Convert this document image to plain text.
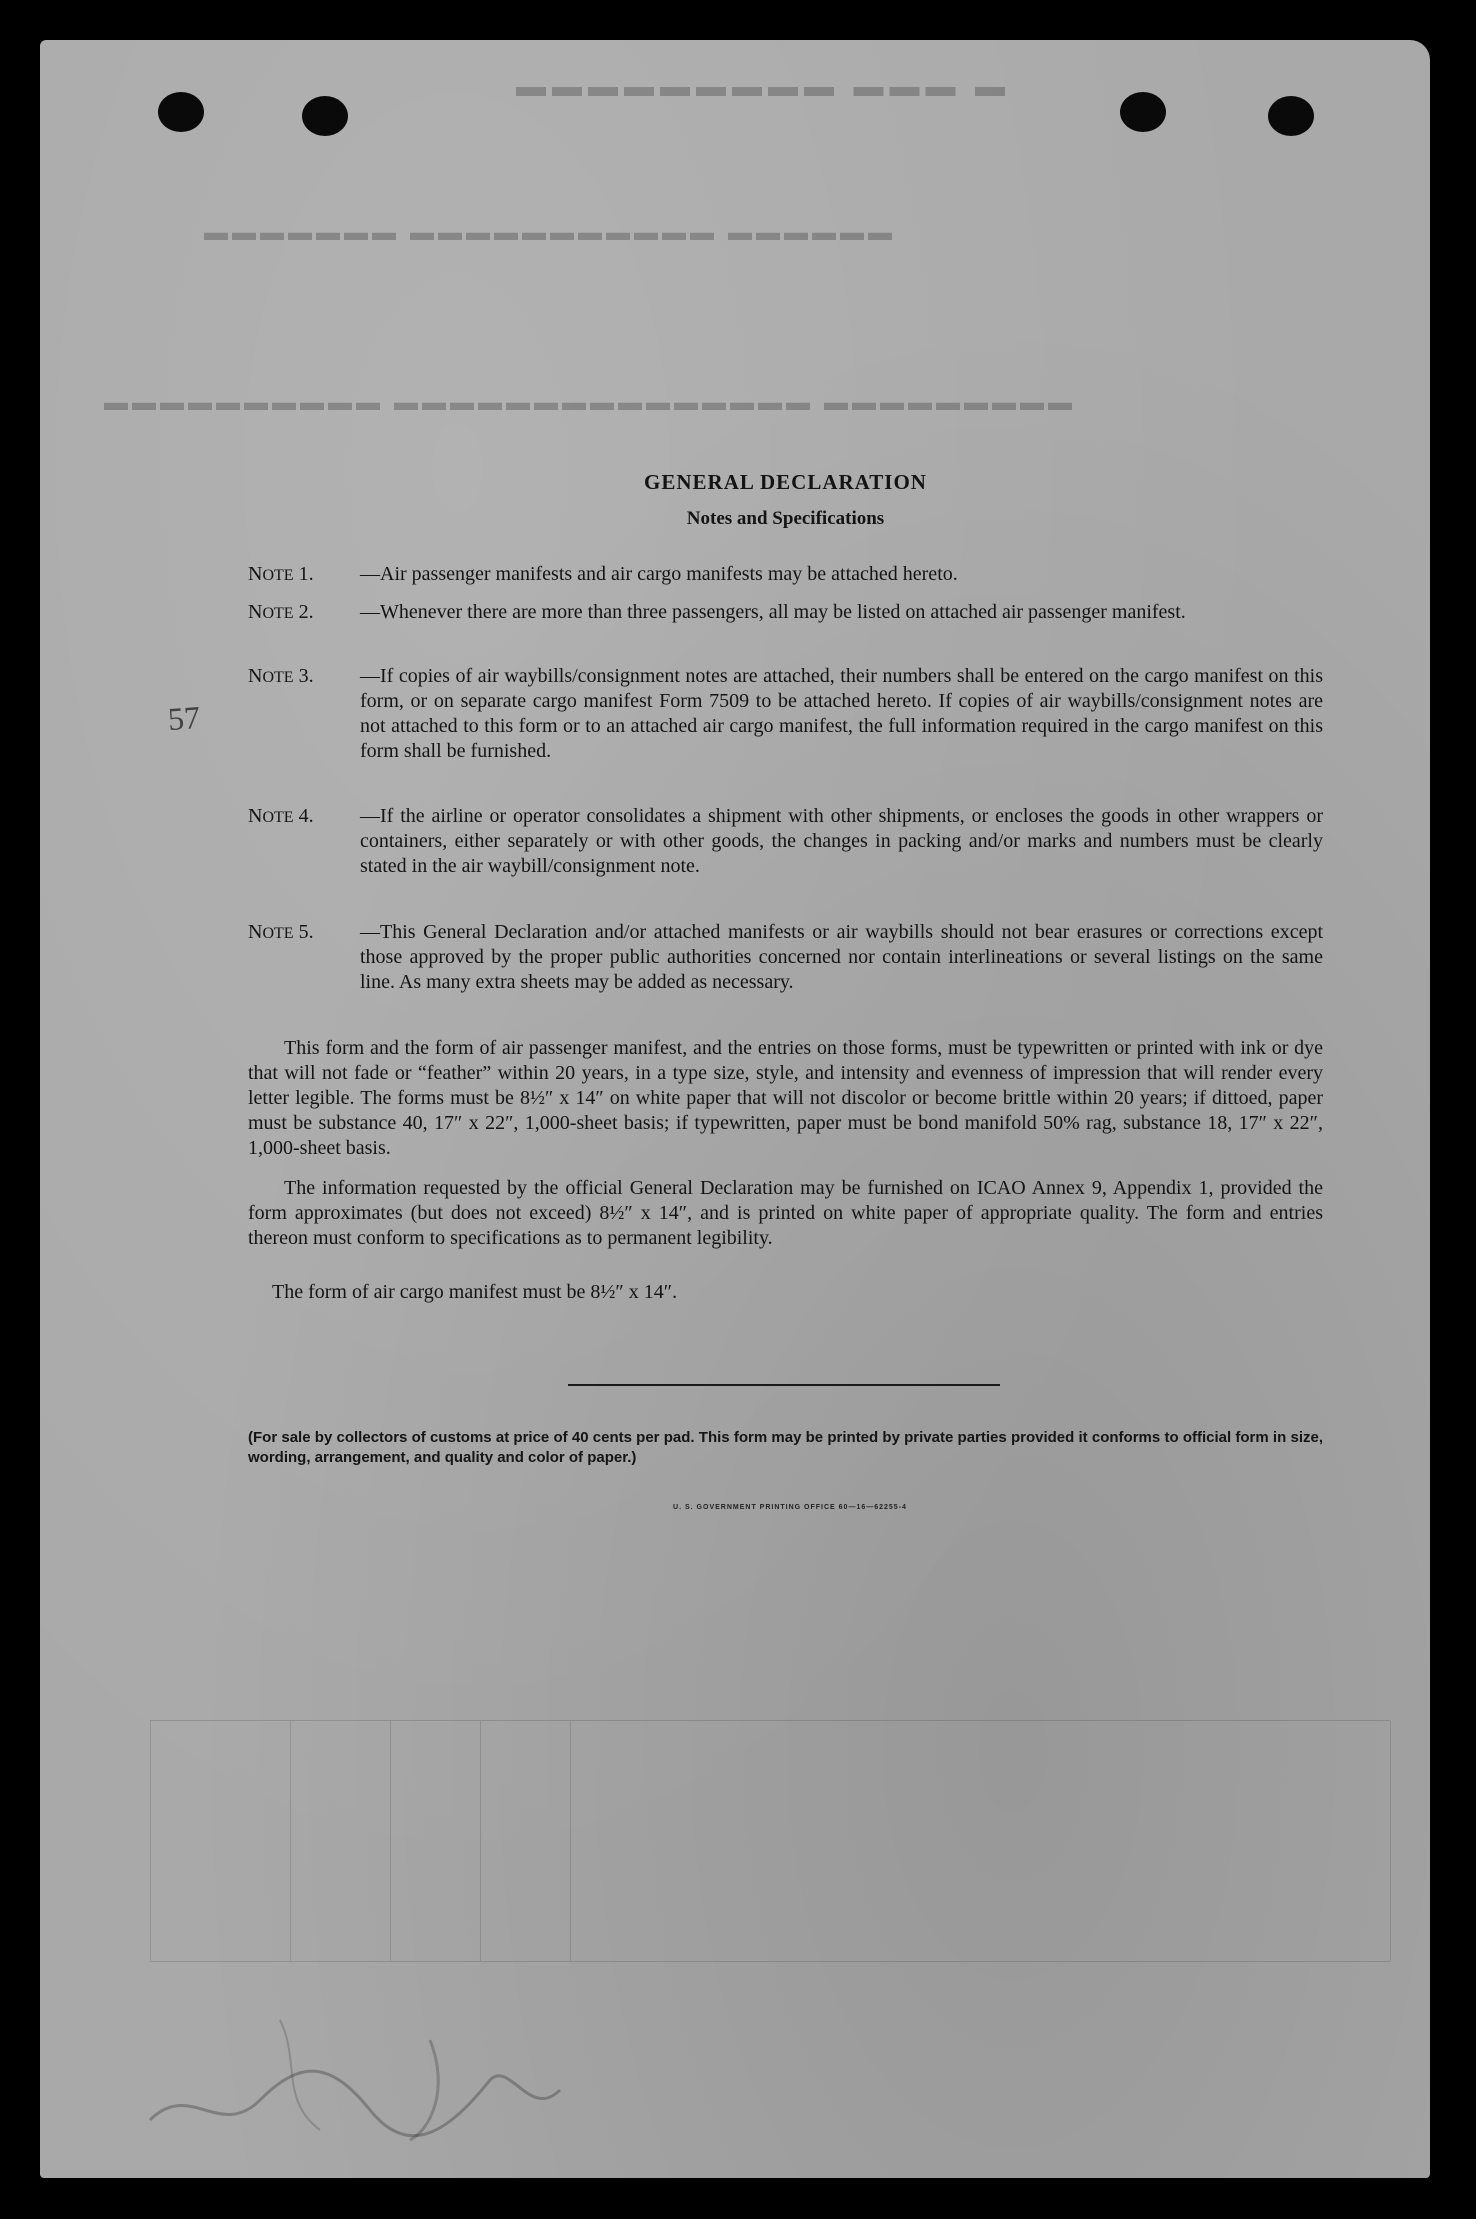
▬ ▬▬▬ ▬▬▬▬▬▬▬▬▬
▬▬▬▬▬▬ ▬▬▬▬▬▬▬▬▬▬▬ ▬▬▬▬▬▬▬
▬▬▬▬▬▬▬▬▬ ▬▬▬▬▬▬▬▬▬▬▬▬▬▬▬ ▬▬▬▬▬▬▬▬▬▬
57
GENERAL DECLARATION
Notes and Specifications
NOTE 1.	—Air passenger manifests and air cargo manifests may be attached hereto.
NOTE 2.	—Whenever there are more than three passengers, all may be listed on attached air passenger manifest.
NOTE 3.	—If copies of air waybills/consignment notes are attached, their numbers shall be entered on the cargo manifest on this form, or on separate cargo manifest Form 7509 to be attached hereto. If copies of air waybills/consignment notes are not attached to this form or to an attached air cargo manifest, the full information required in the cargo manifest on this form shall be furnished.
NOTE 4.	—If the airline or operator consolidates a shipment with other shipments, or encloses the goods in other wrappers or containers, either separately or with other goods, the changes in packing and/or marks and numbers must be clearly stated in the air waybill/consignment note.
NOTE 5.	—This General Declaration and/or attached manifests or air waybills should not bear erasures or corrections except those approved by the proper public authorities concerned nor contain interlineations or several listings on the same line. As many extra sheets may be added as necessary.
This form and the form of air passenger manifest, and the entries on those forms, must be typewritten or printed with ink or dye that will not fade or “feather” within 20 years, in a type size, style, and intensity and evenness of impression that will render every letter legible. The forms must be 8½″ x 14″ on white paper that will not discolor or become brittle within 20 years; if dittoed, paper must be substance 40, 17″ x 22″, 1,000-sheet basis; if typewritten, paper must be bond manifold 50% rag, substance 18, 17″ x 22″, 1,000-sheet basis.
The information requested by the official General Declaration may be furnished on ICAO Annex 9, Appendix 1, provided the form approximates (but does not exceed) 8½″ x 14″, and is printed on white paper of appropriate quality. The form and entries thereon must conform to specifications as to permanent legibility.
The form of air cargo manifest must be 8½″ x 14″.
(For sale by collectors of customs at price of 40 cents per pad. This form may be printed by private parties provided it conforms to official form in size, wording, arrangement, and quality and color of paper.)
U. S. GOVERNMENT PRINTING OFFICE 60—16—62255-4
